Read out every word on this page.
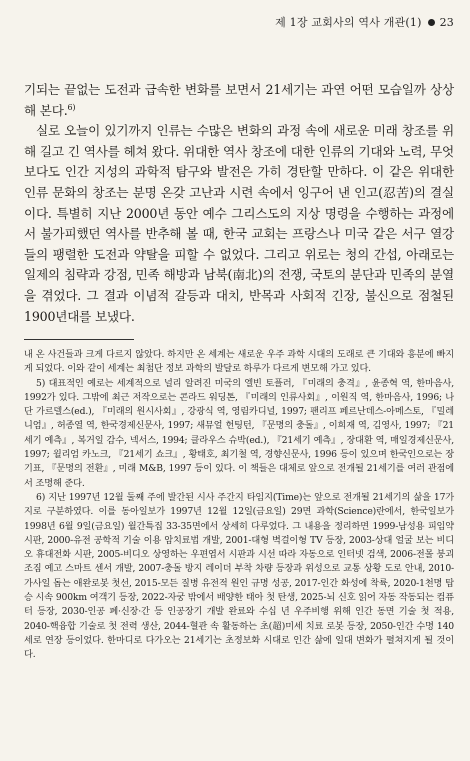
제 1장 교회사의 역사 개관(1) 23

기되는 끝없는 도전과 급속한 변화를 보면서 21세기는 과연 어떤 모습일까 상상해 본다.$^{6)}$

실로 오늘이 있기까지 인류는 수많은 변화의 과정 속에 새로운 미래 창조를 위해 길고 긴 역사를 헤쳐 왔다. 위대한 역사 창조에 대한 인류의 기대와 노력, 무엇보다도 인간 지성의 과학적 탐구와 발전은 가히 경탄할 만하다. 이 같은 위대한 인류 문화의 창조는 분명 온갖 고난과 시련 속에서 잉구어 낸 인고(忍苦)의 결실이다. 특별히 지난 2000년 동안 예수 그리스도의 지상 명령을 수행하는 과정에서 불가피했던 역사를 반추해 볼 때, 한국 교회는 프랑스나 미국 같은 서구 열강들의 팽렬한 도전과 약탈을 피할 수 없었다. 그리고 위로는 청의 간섭, 아래로는 일제의 침략과 강점, 민족 해방과 남북(南北)의 전쟁, 국토의 분단과 민족의 분열을 겪었다. 그 결과 이념적 갈등과 대치, 반목과 사회적 긴장, 불신으로 점철된 1900년대를 보냈다.

내 온 사건들과 크게 다르지 않았다. 하지만 온 세계는 새로운 우주 과학 시대의 도래로 큰 기대와 흥분에 빠지게 되었다. 이와 같이 세계는 최첨단 정보 과학의 발달로 하루가 다르게 변모해 가고 있다.

5) 대표적인 예로는 세계적으로 널리 알려진 미국의 엘빈 토플러, 『미래의 충격』, 윤종혁 역, 한마음사, 1992가 있다. 그밖에 최근 저작으로는 콘라드 워딩톤, 『미래의 인류사회』, 이원직 역, 한마음사, 1996; 나단 가르델스(ed.), 『미래의 원시사회』, 강광식 역, 영림카디널, 1997; 팬리프 페르난데스-아메스토, 『밀레니엄』, 허종열 역, 한국경제신문사, 1997; 새뮤얼 헌팅턴, 『문명의 충돌』, 이희재 역, 김영사, 1997; 『21세기 예측』, 복거일 감수, 넥서스, 1994; 클라우스 슈박(ed.), 『21세기 예측』, 장대환 역, 매일경제신문사, 1997; 윌리엄 카노크, 『21세기 쇼크』, 황태호, 최기철 역, 경향신문사, 1996 등이 있으며 한국인으로는 장기표, 『문명의 전환』, 미래 M&B, 1997 등이 있다. 이 책들은 대체로 앞으로 전개될 21세기를 여러 관점에서 조명해 준다.

6) 지난 1997년 12월 둘째 주에 발간된 시사 주간지 타임지(Time)는 앞으로 전개될 21세기의 삶을 17가지로 구분하였다. 이를 동아일보가 1997년 12월 12일(금요일) 29면 과학(Science)란에서, 한국일보가 1998년 6월 9일(금요일) 월간특집 33-35면에서 상세히 다루었다. 그 내용을 정리하면 1999-남성용 피임약 시판, 2000-유전 공학적 기술 이용 암치료법 개발, 2001-대형 벽걸이형 TV 등장, 2003-상대 얼굴 보는 비디오 휴대전화 시판, 2005-비디오 상영하는 우편엽서 시판과 시선 따라 자동으로 인터넷 검색, 2006-전몰 붕괴 조짐 예고 스마트 센서 개발, 2007-충돌 방지 레이더 부착 차량 등장과 위성으로 교통 상황 도로 안내, 2010-가사일 돕는 애완로봇 첫선, 2015-모든 질병 유전적 원인 규명 성공, 2017-인간 화성에 착륙, 2020-1천명 탑승 시속 900km 여객기 등장, 2022-자궁 밖에서 배양한 태아 첫 탄생, 2025-뇌 신호 읽어 자동 작동되는 컴퓨터 등장, 2030-인공 폐·신장·간 등 인공장기 개발 완료와 수십 년 우주비행 위해 인간 동면 기술 첫 적용, 2040-핵융합 기술로 첫 전력 생산, 2044-혈관 속 활동하는 초(超)미세 치료 로봇 등장, 2050-인간 수명 140세로 연장 등이었다. 한마디로 다가오는 21세기는 초정보화 시대로 인간 삶에 일대 변화가 펼쳐지게 될 것이다.
